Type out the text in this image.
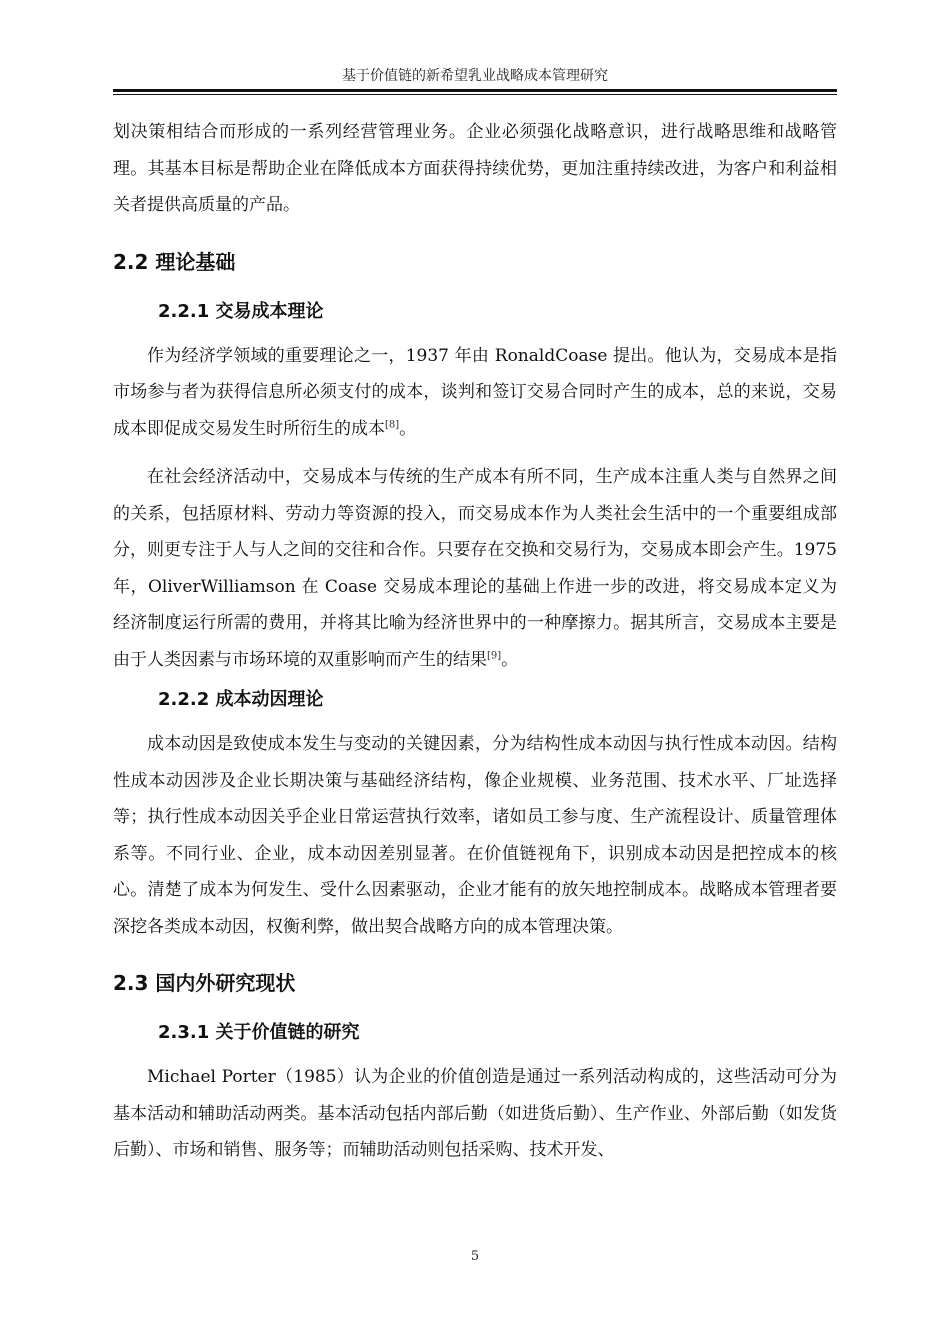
基于价值链的新希望乳业战略成本管理研究

划决策相结合而形成的一系列经营管理业务。企业必须强化战略意识，进行战略思维和战略管理。其基本目标是帮助企业在降低成本方面获得持续优势，更加注重持续改进，为客户和利益相关者提供高质量的产品。

2.2 理论基础
2.2.1 交易成本理论

作为经济学领域的重要理论之一，1937 年由 RonaldCoase 提出。他认为，交易成本是指市场参与者为获得信息所必须支付的成本，谈判和签订交易合同时产生的成本，总的来说，交易成本即促成交易发生时所衍生的成本[8]。

在社会经济活动中，交易成本与传统的生产成本有所不同，生产成本注重人类与自然界之间的关系，包括原材料、劳动力等资源的投入，而交易成本作为人类社会生活中的一个重要组成部分，则更专注于人与人之间的交往和合作。只要存在交换和交易行为，交易成本即会产生。1975 年，OliverWilliamson 在 Coase 交易成本理论的基础上作进一步的改进，将交易成本定义为经济制度运行所需的费用，并将其比喻为经济世界中的一种摩擦力。据其所言，交易成本主要是由于人类因素与市场环境的双重影响而产生的结果[9]。

2.2.2 成本动因理论

成本动因是致使成本发生与变动的关键因素，分为结构性成本动因与执行性成本动因。结构性成本动因涉及企业长期决策与基础经济结构，像企业规模、业务范围、技术水平、厂址选择等；执行性成本动因关乎企业日常运营执行效率，诸如员工参与度、生产流程设计、质量管理体系等。不同行业、企业，成本动因差别显著。在价值链视角下，识别成本动因是把控成本的核心。清楚了成本为何发生、受什么因素驱动，企业才能有的放矢地控制成本。战略成本管理者要深挖各类成本动因，权衡利弊，做出契合战略方向的成本管理决策。

2.3 国内外研究现状
2.3.1 关于价值链的研究

Michael Porter（1985）认为企业的价值创造是通过一系列活动构成的，这些活动可分为基本活动和辅助活动两类。基本活动包括内部后勤（如进货后勤）、生产作业、外部后勤（如发货后勤）、市场和销售、服务等；而辅助活动则包括采购、技术开发、

5
